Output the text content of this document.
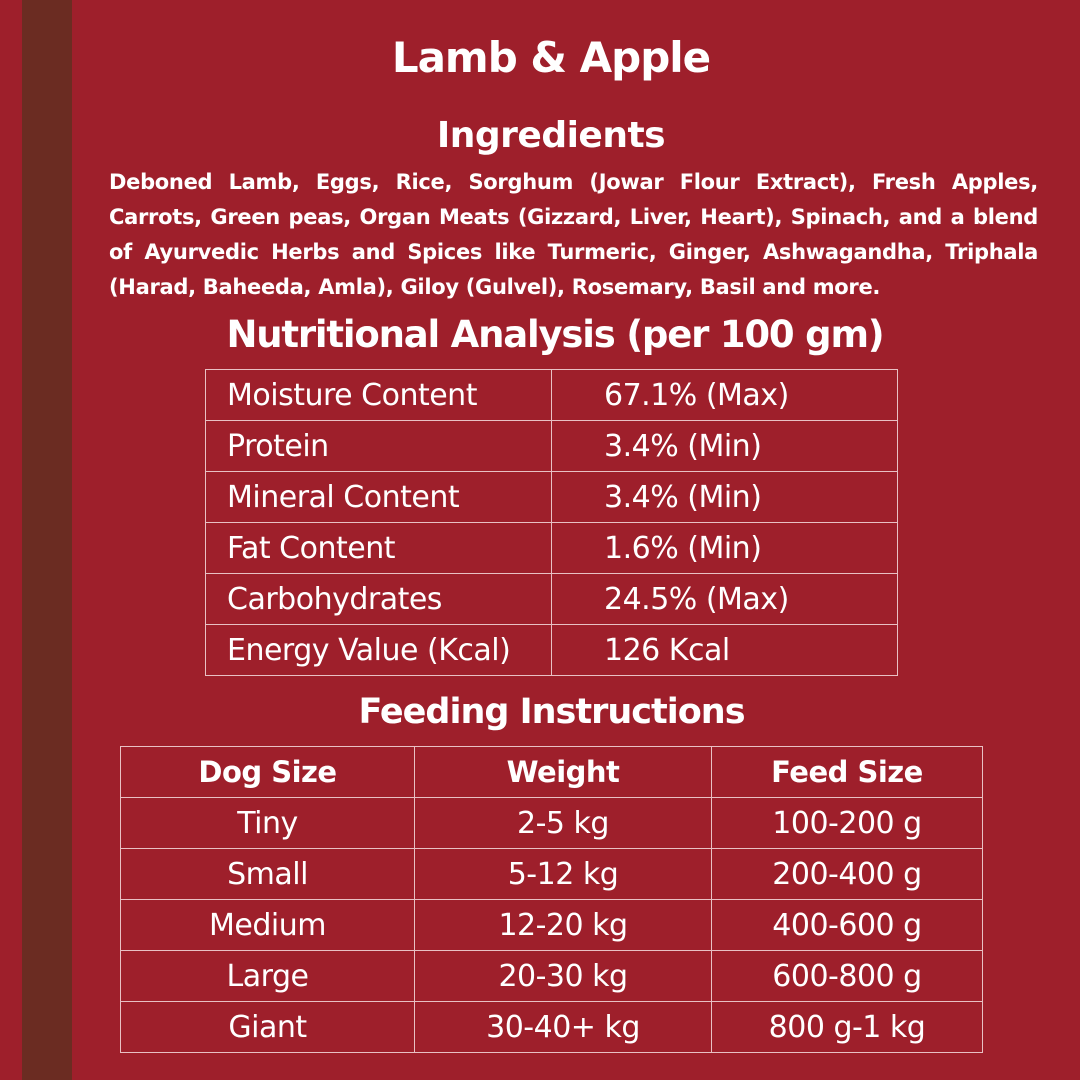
Lamb & Apple
Ingredients

Deboned Lamb, Eggs, Rice, Sorghum (Jowar Flour Extract), Fresh Apples, Carrots, Green peas, Organ Meats (Gizzard, Liver, Heart), Spinach, and a blend of Ayurvedic Herbs and Spices like Turmeric, Ginger, Ashwagandha, Triphala (Harad, Baheeda, Amla), Giloy (Gulvel), Rosemary, Basil and more.

Nutritional Analysis (per 100 gm)
Moisture Content	67.1% (Max)
Protein	3.4% (Min)
Mineral Content	3.4% (Min)
Fat Content	1.6% (Min)
Carbohydrates	24.5% (Max)
Energy Value (Kcal)	126 Kcal
Feeding Instructions
Dog Size	Weight	Feed Size
Tiny	2-5 kg	100-200 g
Small	5-12 kg	200-400 g
Medium	12-20 kg	400-600 g
Large	20-30 kg	600-800 g
Giant	30-40+ kg	800 g-1 kg
